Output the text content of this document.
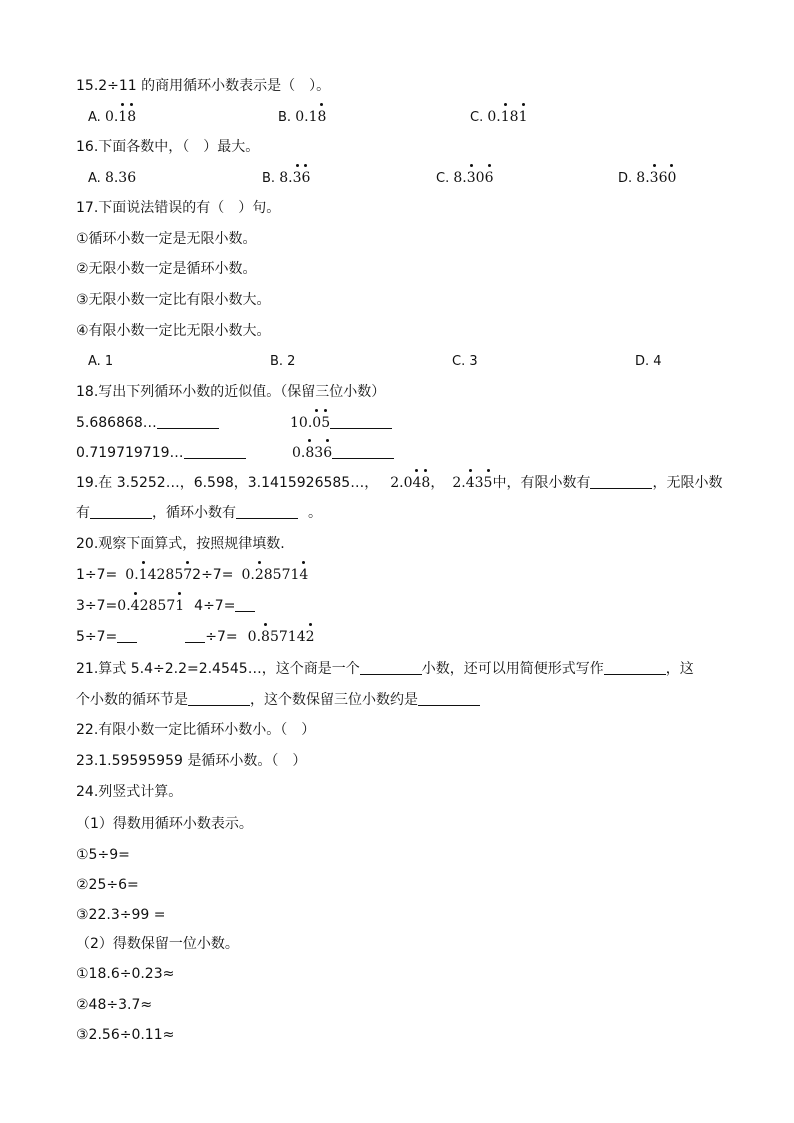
15.2÷11 的商用循环小数表示是（　）。
A. 0.18	B. 0.18	C. 0.181
16.下面各数中，（　）最大。
A. 8.36	B. 8.36	C. 8.306	D. 8.360
17.下面说法错误的有（　）句。
①循环小数一定是无限小数。
②无限小数一定是循环小数。
③无限小数一定比有限小数大。
④有限小数一定比无限小数大。
A. 1	B. 2	C. 3	D. 4
18.写出下列循环小数的近似值。（保留三位小数）
5.686868…	10.05
0.719719719…	0.836
19.在 3.5252…，6.598，3.1415926585…， 2.048， 2.435中，有限小数有	，无限小数
有	，循环小数有	。
20.观察下面算式，按照规律填数.
1÷7= 0.1428572÷7= 0.285714
3÷7=0.428571 4÷7=
5÷7=	÷7= 0.857142
21.算式 5.4÷2.2=2.4545…，这个商是一个	小数，还可以用简便形式写作	，这
个小数的循环节是	，这个数保留三位小数约是
22.有限小数一定比循环小数小。（　）
23.1.59595959 是循环小数。（　）
24.列竖式计算。
（1）得数用循环小数表示。
①5÷9=
②25÷6=
③22.3÷99 =
（2）得数保留一位小数。
①18.6÷0.23≈
②48÷3.7≈
③2.56÷0.11≈
